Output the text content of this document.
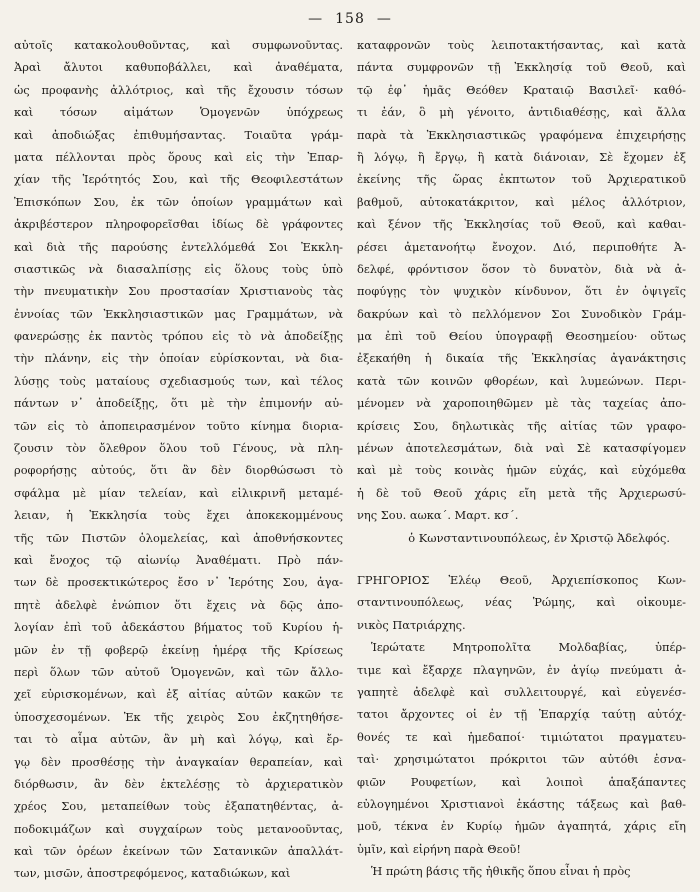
— 158 —
αὐτοῖς κατακολουθοῦντας, καὶ συμφωνοῦντας.
Ἀραὶ ἄλυτοι καθυποβάλλει, καὶ ἀναθέματα,
ὡς προφανὴς ἀλλότριος, καὶ τῆς ἔχουσιν τόσων
καὶ τόσων αἱμάτων Ὁμογενῶν ὑπόχρεως
καὶ ἀποδιώξας ἐπιθυμήσαντας. Τοιαῦτα γράμ-
ματα πέλλονται πρὸς ὅρους καὶ εἰς τὴν Ἐπαρ-
χίαν τῆς Ἱερότητός Σου, καὶ τῆς Θεοφιλεστάτων
Ἐπισκόπων Σου, ἐκ τῶν ὁποίων γραμμάτων καὶ
ἀκριβέστερον πληροφορεῖσθαι ἰδίως δὲ γράφοντες
καὶ διὰ τῆς παρούσης ἐντελλόμεθά Σοι Ἐκκλη-
σιαστικῶς νὰ διασαλπίσῃς εἰς ὅλους τοὺς ὑπὸ
τὴν πνευματικὴν Σου προστασίαν Χριστιανοὺς τὰς
ἐννοίας τῶν Ἐκκλησιαστικῶν μας Γραμμάτων, νὰ
φανερώσῃς ἐκ παντὸς τρόπου εἰς τὸ νὰ ἀποδείξῃς
τὴν πλάνην, εἰς τὴν ὁποίαν εὑρίσκονται, νὰ δια-
λύσῃς τοὺς ματαίους σχεδιασμούς των, καὶ τέλος
πάντων ν᾽ ἀποδείξῃς, ὅτι μὲ τὴν ἐπιμονήν αὐ-
τῶν εἰς τὸ ἀποπειρασμένον τοῦτο κίνημα διορια-
ζουσιν τὸν ὄλεθρον ὅλου τοῦ Γένους, νὰ πλη-
ροφορήσῃς αὐτούς, ὅτι ἂν δὲν διορθώσωσι τὸ
σφάλμα μὲ μίαν τελείαν, καὶ εἰλικρινῆ μεταμέ-
λειαν, ἡ Ἐκκλησία τοὺς ἔχει ἀποκεκομμένους
τῆς τῶν Πιστῶν ὁλομελείας, καὶ ἀποθνήσκοντες
καὶ ἔνοχος τῷ αἰωνίῳ Ἀναθέματι. Πρὸ πάν-
των δὲ προσεκτικώτερος ἔσο ν᾽ Ἱερότης Σου, ἀγα-
πητὲ ἀδελφὲ ἐνώπιον ὅτι ἔχεις νὰ δῷς ἀπο-
λογίαν ἐπὶ τοῦ ἀδεκάστου βήματος τοῦ Κυρίου ἡ-
μῶν ἐν τῇ φοβερῷ ἐκείνῃ ἡμέρᾳ τῆς Κρίσεως
περὶ ὅλων τῶν αὐτοῦ Ὁμογενῶν, καὶ τῶν ἄλλο-
χεῖ εὑρισκομένων, καὶ ἐξ αἰτίας αὐτῶν κακῶν τε
ὑποσχεσομένων. Ἐκ τῆς χειρὸς Σου ἐκζητηθήσε-
ται τὸ αἷμα αὐτῶν, ἂν μὴ καὶ λόγῳ, καὶ ἔρ-
γῳ δὲν προσθέσῃς τὴν ἀναγκαίαν θεραπείαν, καὶ
διόρθωσιν, ἂν δὲν ἐκτελέσῃς τὸ ἀρχιερατικὸν
χρέος Σου, μεταπείθων τοὺς ἐξαπατηθέντας, ἀ-
ποδοκιμάζων καὶ συγχαίρων τοὺς μετανοοῦντας,
καὶ τῶν ὁρέων ἐκείνων τῶν Σατανικῶν ἀπαλλάτ-
των, μισῶν, ἀποστρεφόμενος, καταδιώκων, καὶ
καταφρονῶν τοὺς λειποτακτήσαντας, καὶ κατὰ
πάντα συμφρονῶν τῇ Ἐκκλησίᾳ τοῦ Θεοῦ, καὶ
τῷ ἐφ᾽ ἡμᾶς Θεόθεν Κραταιῷ Βασιλεῖ· καθό-
τι ἐάν, ὃ μὴ γένοιτο, ἀντιδιαθέσῃς, καὶ ἄλλα
παρὰ τὰ Ἐκκλησιαστικῶς γραφόμενα ἐπιχειρήσῃς
ἢ λόγῳ, ἢ ἔργῳ, ἢ κατὰ διάνοιαν, Σὲ ἔχομεν ἐξ
ἐκείνης τῆς ὥρας ἐκπτωτον τοῦ Ἀρχιερατικοῦ
βαθμοῦ, αὐτοκατάκριτον, καὶ μέλος ἀλλότριον,
καὶ ξένον τῆς Ἐκκλησίας τοῦ Θεοῦ, καὶ καθαι-
ρέσει ἀμετανοήτῳ ἔνοχον. Διό, περιποθήτε Ἀ-
δελφέ, φρόντισον ὅσον τὸ δυνατὸν, διὰ νὰ ἀ-
ποφύγῃς τὸν ψυχικὸν κίνδυνον, ὅτι ἐν ὀψιγεῖς
δακρύων καὶ τὸ πελλόμενον Σοι Συνοδικὸν Γράμ-
μα ἐπὶ τοῦ Θείου ὑπογραφῇ Θεοσημείου· οὕτως
ἐξεκαήθη ἡ δικαία τῆς Ἐκκλησίας ἀγανάκτησις
κατὰ τῶν κοινῶν φθορέων, καὶ λυμεώνων. Περι-
μένομεν νὰ χαροποιηθῶμεν μὲ τὰς ταχείας ἀπο-
κρίσεις Σου, δηλωτικὰς τῆς αἰτίας τῶν γραφο-
μένων ἀποτελεσμάτων, διὰ ναὶ Σὲ κατασφίγομεν
καὶ μὲ τοὺς κοινὰς ἡμῶν εὐχάς, καὶ εὐχόμεθα
ἡ δὲ τοῦ Θεοῦ χάρις εἴη μετὰ τῆς Ἀρχιερωσύ-
νης Σου. αωκα΄. Μαρτ. κσ΄.
ὁ Κωνσταντινουπόλεως, ἐν Χριστῷ Ἀδελφός.
ΓΡΗΓΟΡΙΟΣ Ἐλέῳ Θεοῦ, Ἀρχιεπίσκοπος Κων-
σταντινουπόλεως, νέας Ῥώμης, καὶ οἰκουμε-
νικὸς Πατριάρχης.
Ἱερώτατε Μητροπολῖτα Μολδαβίας, ὑπέρ-
τιμε καὶ ἔξαρχε πλαγηνῶν, ἐν ἁγίῳ πνεύματι ἀ-
γαπητὲ ἀδελφὲ καὶ συλλειτουργέ, καὶ εὐγενέσ-
τατοι ἄρχοντες οἱ ἐν τῇ Ἐπαρχίᾳ ταύτῃ αὐτόχ-
θονές τε καὶ ἡμεδαποί· τιμιώτατοι πραγματευ-
ταὶ· χρησιμώτατοι πρόκριτοι τῶν αὐτόθι ἐσνα-
φιῶν Ρουφετίων, καὶ λοιποὶ ἁπαξάπαντες
εὐλογημένοι Χριστιανοὶ ἑκάστης τάξεως καὶ βαθ-
μοῦ, τέκνα ἐν Κυρίῳ ἡμῶν ἀγαπητά, χάρις εἴη
ὑμῖν, καὶ εἰρήνη παρὰ Θεοῦ!
Ἡ πρώτη βάσις τῆς ἠθικῆς ὅπου εἶναι ἡ πρὸς
